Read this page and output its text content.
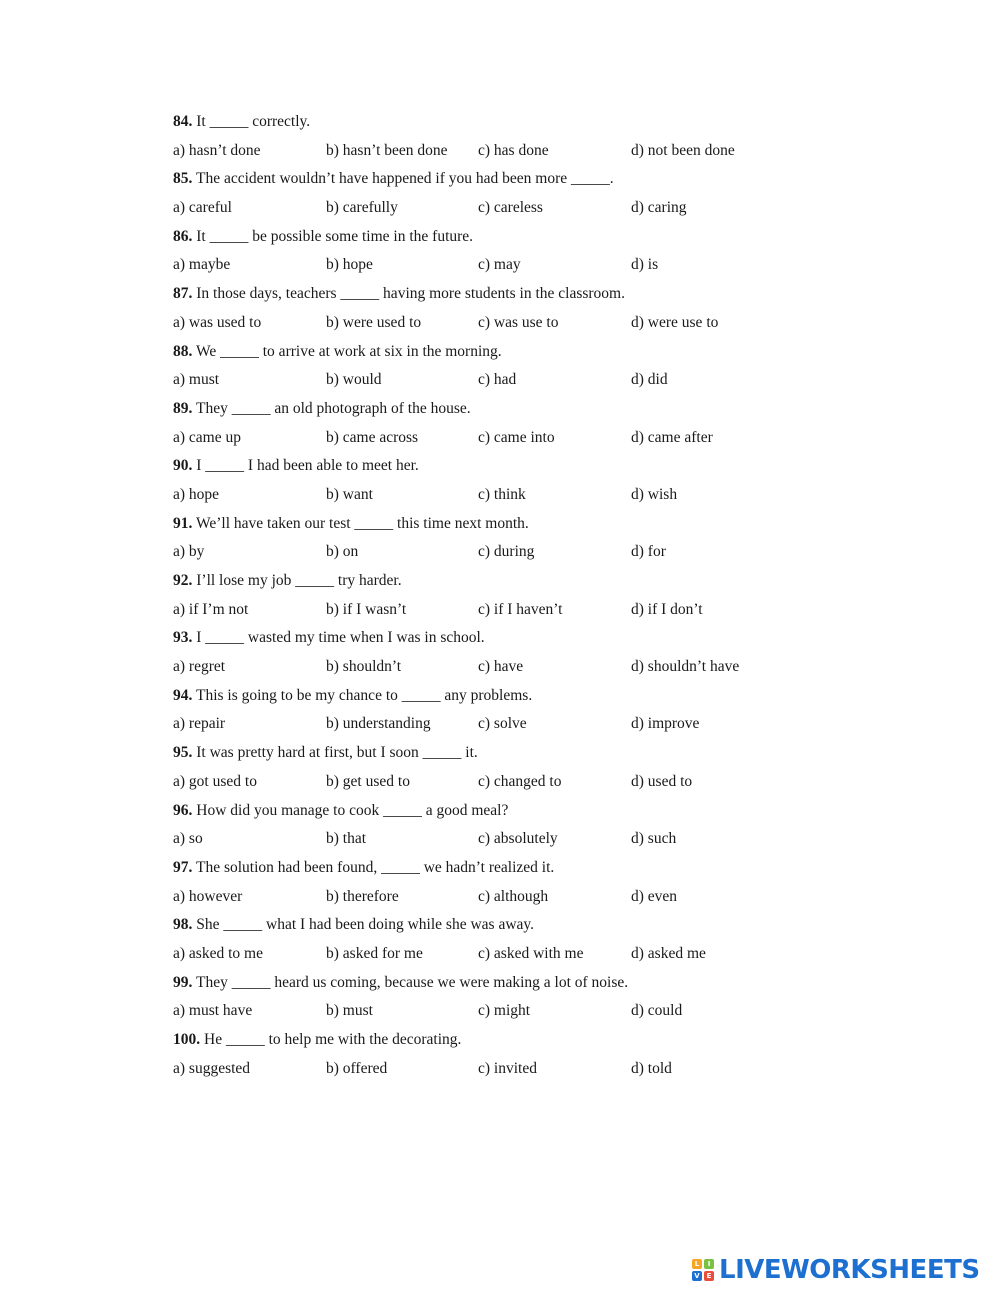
84. It _____ correctly.
a) hasn’t done	b) hasn’t been done c) has done	d) not been done
85. The accident wouldn’t have happened if you had been more _____.
a) careful	b) carefully	c) careless	d) caring
86. It _____ be possible some time in the future.
a) maybe	b) hope	c) may	d) is
87. In those days, teachers _____ having more students in the classroom.
a) was used to	b) were used to	c) was use to	d) were use to
88. We _____ to arrive at work at six in the morning.
a) must	b) would	c) had	d) did
89. They _____ an old photograph of the house.
a) came up	b) came across	c) came into	d) came after
90. I _____ I had been able to meet her.
a) hope	b) want	c) think	d) wish
91. We’ll have taken our test _____ this time next month.
a) by	b) on	c) during	d) for
92. I’ll lose my job _____ try harder.
a) if I’m not	b) if I wasn’t	c) if I haven’t	d) if I don’t
93. I _____ wasted my time when I was in school.
a) regret	b) shouldn’t	c) have	d) shouldn’t have
94. This is going to be my chance to _____ any problems.
a) repair	b) understanding	c) solve	d) improve
95. It was pretty hard at first, but I soon _____ it.
a) got used to	b) get used to	c) changed to	d) used to
96. How did you manage to cook _____ a good meal?
a) so	b) that	c) absolutely	d) such
97. The solution had been found, _____ we hadn’t realized it.
a) however	b) therefore	c) although	d) even
98. She _____ what I had been doing while she was away.
a) asked to me	b) asked for me	c) asked with me	d) asked me
99. They _____ heard us coming, because we were making a lot of noise.
a) must have	b) must	c) might	d) could
100. He _____ to help me with the decorating.
a) suggested	b) offered	c) invited	d) told
L	I
V E LIVEWORKSHEETS
